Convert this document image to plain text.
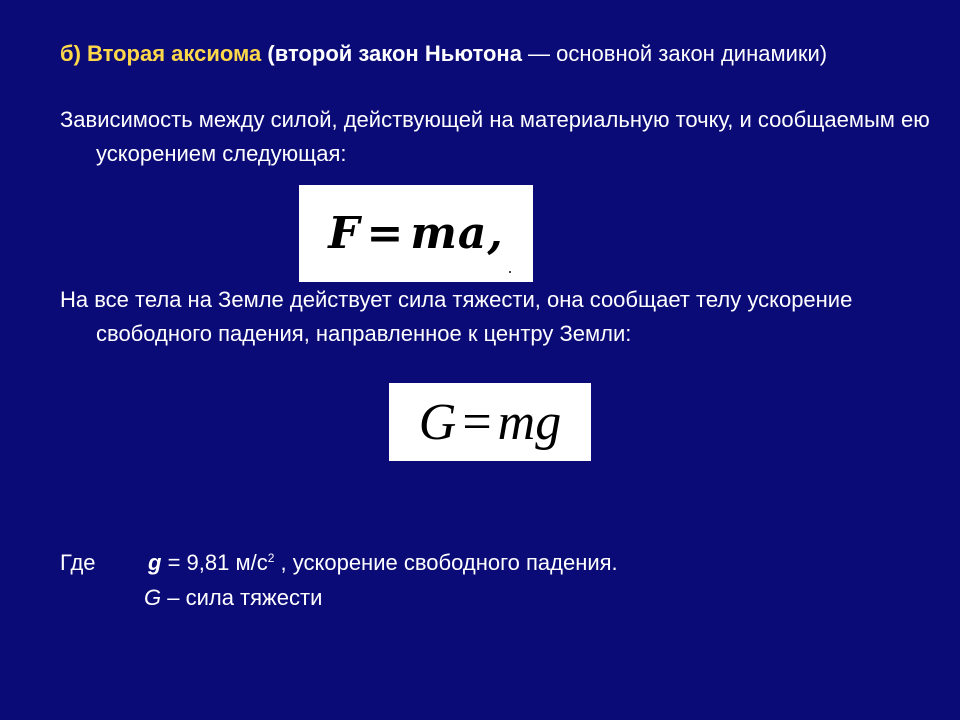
б) Вторая аксиома (второй закон Ньютона — основной закон динамики)
Зависимость между силой, действующей на материальную точку, и сообщаемым ею ускорением следующая:
F = ma,
На все тела на Земле действует сила тяжести, она сообщает телу ускорение свободного падения, направленное к центру Земли:
G = mg
Где g = 9,81 $м/с^2$ , ускорение свободного падения.
G – сила тяжести
